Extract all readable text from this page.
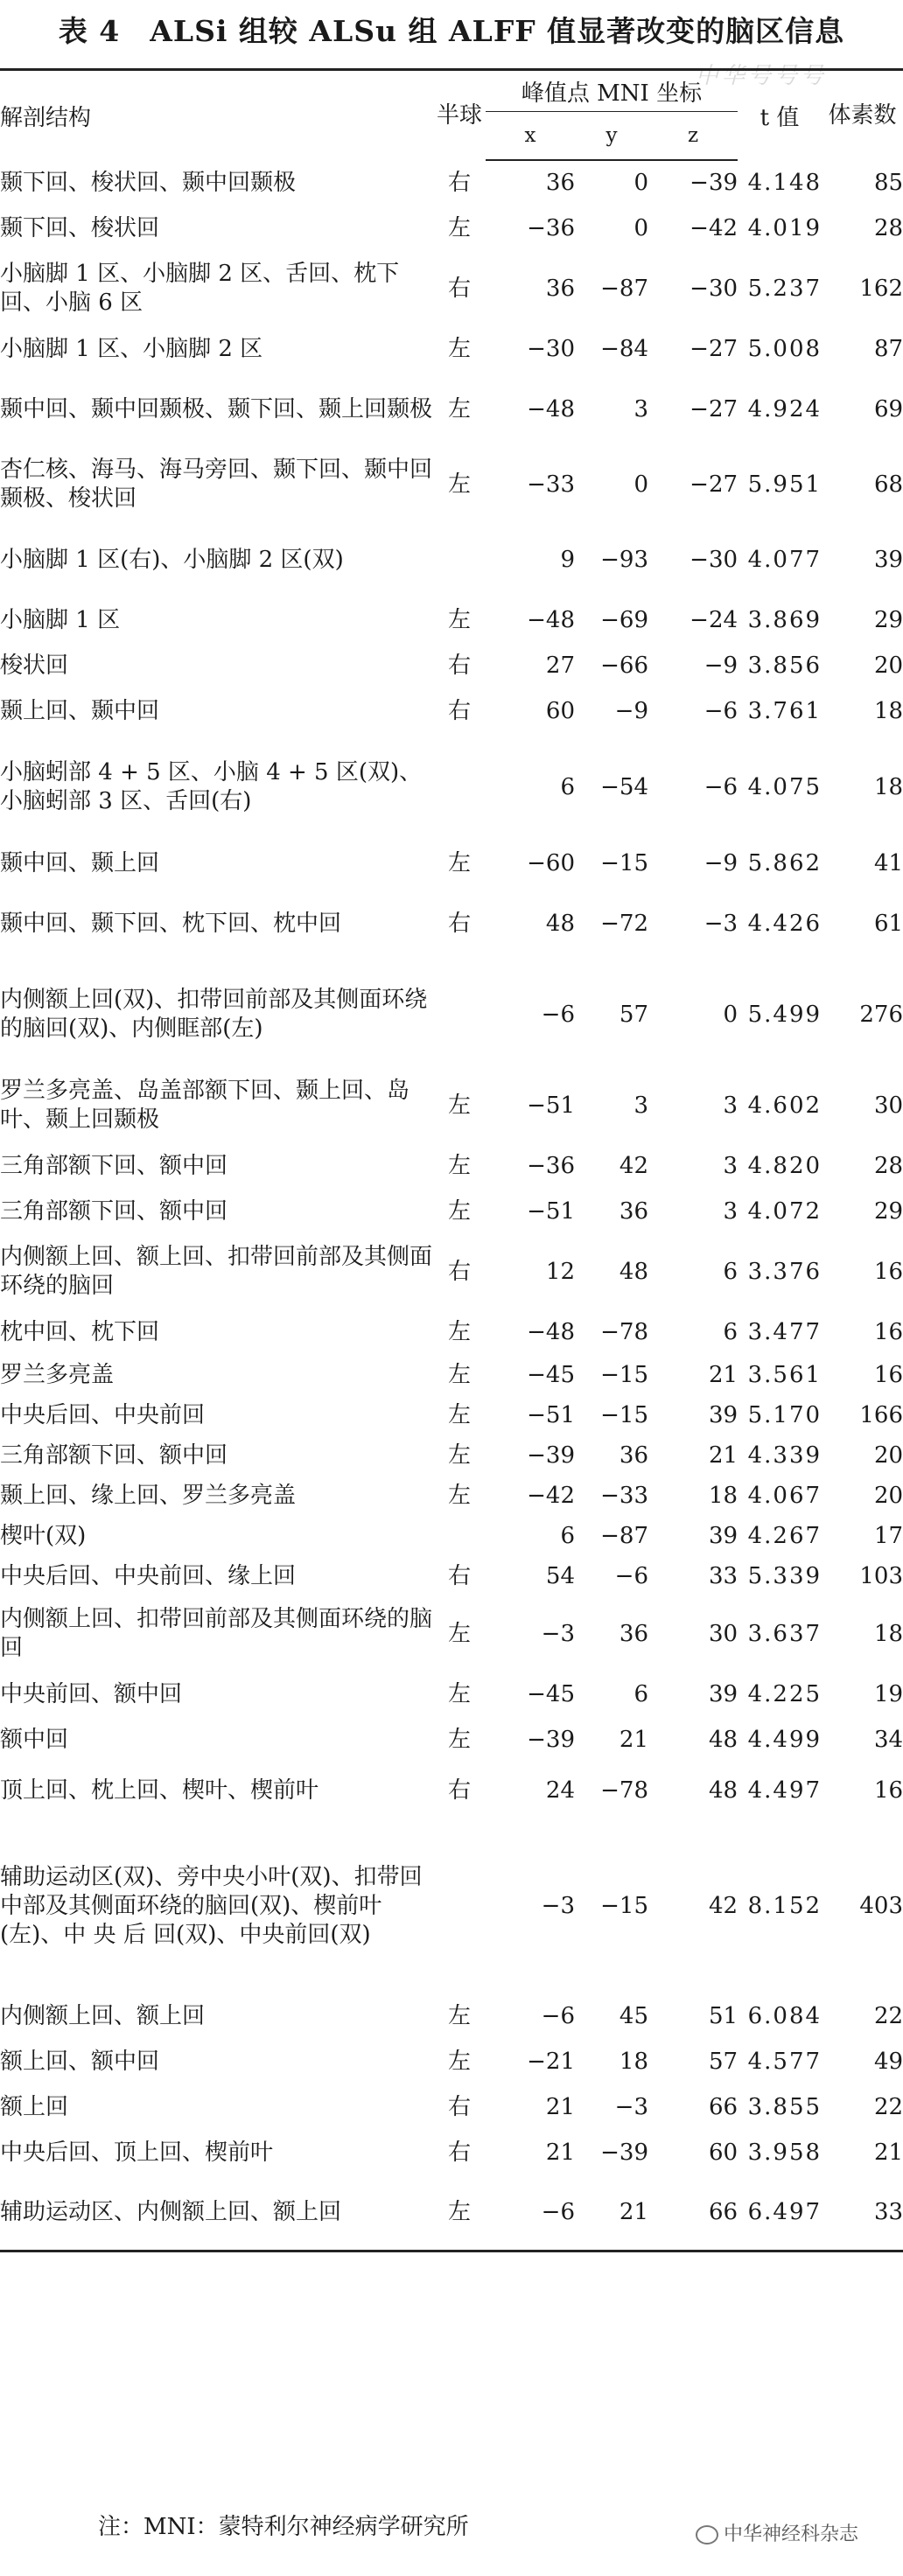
表 4　ALSi 组较 ALSu 组 ALFF 值显著改变的脑区信息
中华号号号
解剖结构	半球	峰值点 MNI 坐标			t 值	体素数
		x	y	z		
颞下回、梭状回、颞中回颞极	右	36	0	−39	4.148	85
颞下回、梭状回	左	−36	0	−42	4.019	28
小脑脚 1 区、小脑脚 2 区、舌回、枕下回、小脑 6 区	右	36	−87	−30	5.237	162
小脑脚 1 区、小脑脚 2 区	左	−30	−84	−27	5.008	87
颞中回、颞中回颞极、颞下回、颞上回颞极	左	−48	3	−27	4.924	69
杏仁核、海马、海马旁回、颞下回、颞中回颞极、梭状回	左	−33	0	−27	5.951	68
小脑脚 1 区(右)、小脑脚 2 区(双)		9	−93	−30	4.077	39
小脑脚 1 区	左	−48	−69	−24	3.869	29
梭状回	右	27	−66	−9	3.856	20
颞上回、颞中回	右	60	−9	−6	3.761	18
小脑蚓部 4 + 5 区、小脑 4 + 5 区(双)、小脑蚓部 3 区、舌回(右)		6	−54	−6	4.075	18
颞中回、颞上回	左	−60	−15	−9	5.862	41
颞中回、颞下回、枕下回、枕中回	右	48	−72	−3	4.426	61
内侧额上回(双)、扣带回前部及其侧面环绕的脑回(双)、内侧眶部(左)		−6	57	0	5.499	276
罗兰多亮盖、岛盖部额下回、颞上回、岛叶、颞上回颞极	左	−51	3	3	4.602	30
三角部额下回、额中回	左	−36	42	3	4.820	28
三角部额下回、额中回	左	−51	36	3	4.072	29
内侧额上回、额上回、扣带回前部及其侧面环绕的脑回	右	12	48	6	3.376	16
枕中回、枕下回	左	−48	−78	6	3.477	16
罗兰多亮盖	左	−45	−15	21	3.561	16
中央后回、中央前回	左	−51	−15	39	5.170	166
三角部额下回、额中回	左	−39	36	21	4.339	20
颞上回、缘上回、罗兰多亮盖	左	−42	−33	18	4.067	20
楔叶(双)		6	−87	39	4.267	17
中央后回、中央前回、缘上回	右	54	−6	33	5.339	103
内侧额上回、扣带回前部及其侧面环绕的脑回	左	−3	36	30	3.637	18
中央前回、额中回	左	−45	6	39	4.225	19
额中回	左	−39	21	48	4.499	34
顶上回、枕上回、楔叶、楔前叶	右	24	−78	48	4.497	16
辅助运动区(双)、旁中央小叶(双)、扣带回中部及其侧面环绕的脑回(双)、楔前叶 (左)、中 央 后 回(双)、中央前回(双)		−3	−15	42	8.152	403
内侧额上回、额上回	左	−6	45	51	6.084	22
额上回、额中回	左	−21	18	57	4.577	49
额上回	右	21	−3	66	3.855	22
中央后回、顶上回、楔前叶	右	21	−39	60	3.958	21
辅助运动区、内侧额上回、额上回	左	−6	21	66	6.497	33
注：MNI：蒙特利尔神经病学研究所	中华神经科杂志
